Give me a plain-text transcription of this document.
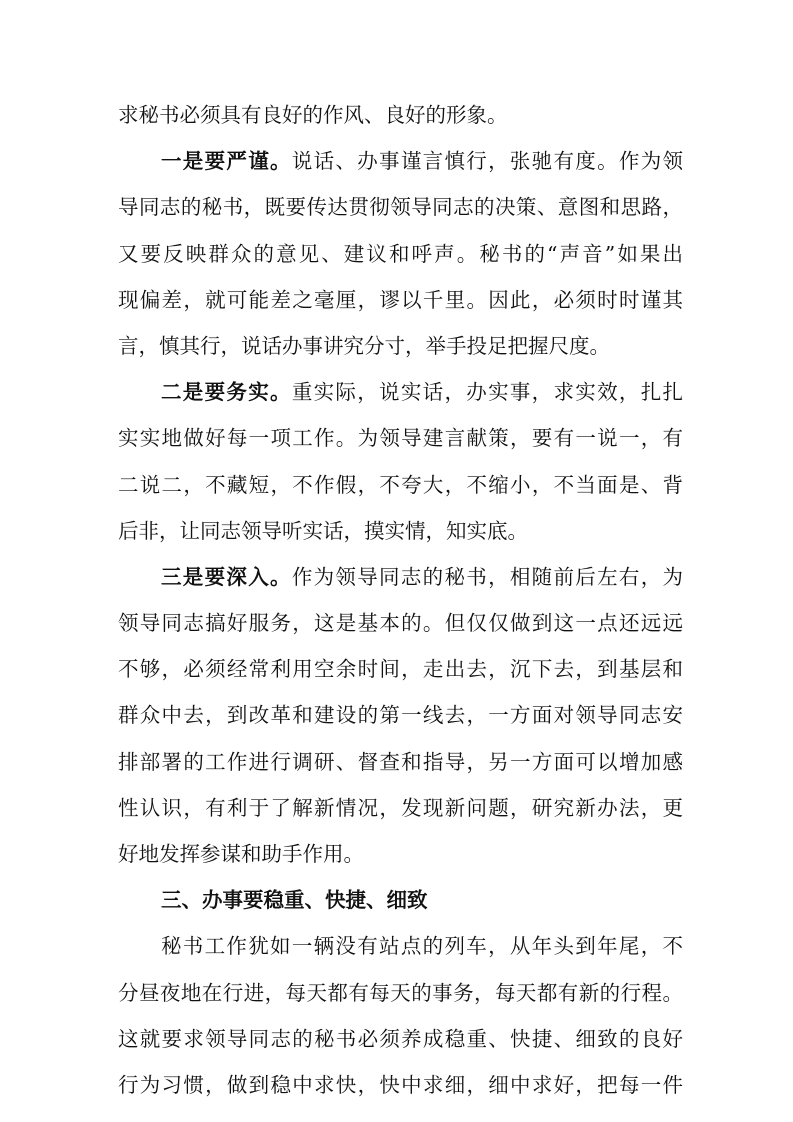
求秘书必须具有良好的作风、良好的形象。
一是要严谨。说话、办事谨言慎行，张驰有度。作为领
导同志的秘书，既要传达贯彻领导同志的决策、意图和思路，
又要反映群众的意见、建议和呼声。秘书的“声音”如果出
现偏差，就可能差之毫厘，谬以千里。因此，必须时时谨其
言，慎其行，说话办事讲究分寸，举手投足把握尺度。
二是要务实。重实际，说实话，办实事，求实效，扎扎
实实地做好每一项工作。为领导建言献策，要有一说一，有
二说二，不藏短，不作假，不夸大，不缩小，不当面是、背
后非，让同志领导听实话，摸实情，知实底。
三是要深入。作为领导同志的秘书，相随前后左右，为
领导同志搞好服务，这是基本的。但仅仅做到这一点还远远
不够，必须经常利用空余时间，走出去，沉下去，到基层和
群众中去，到改革和建设的第一线去，一方面对领导同志安
排部署的工作进行调研、督查和指导，另一方面可以增加感
性认识，有利于了解新情况，发现新问题，研究新办法，更
好地发挥参谋和助手作用。
三、办事要稳重、快捷、细致
秘书工作犹如一辆没有站点的列车，从年头到年尾，不
分昼夜地在行进，每天都有每天的事务，每天都有新的行程。
这就要求领导同志的秘书必须养成稳重、快捷、细致的良好
行为习惯，做到稳中求快，快中求细，细中求好，把每一件
